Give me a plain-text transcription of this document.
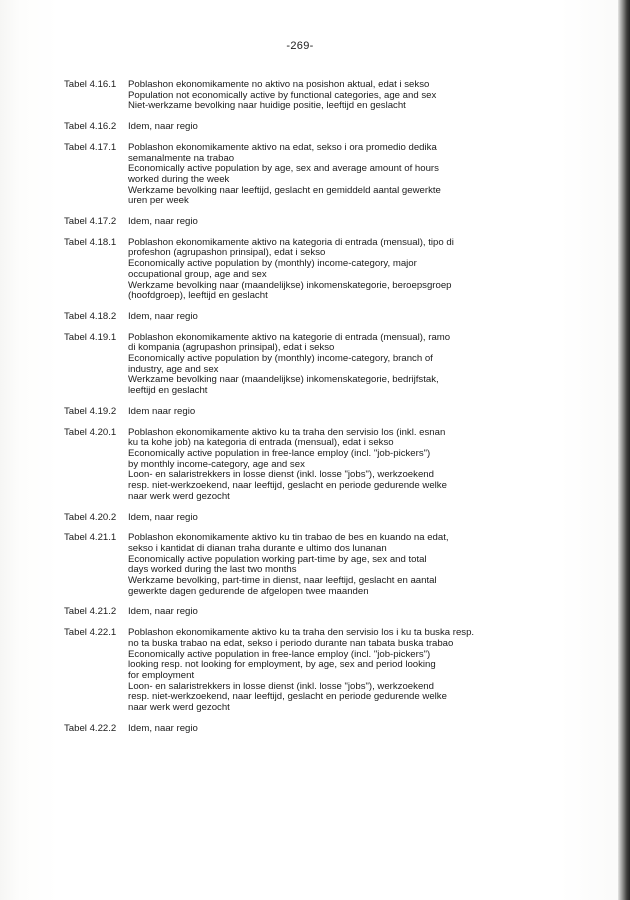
-269-
Tabel 4.16.1	Poblashon ekonomikamente no aktivo na posishon aktual, edat i sekso
Population not economically active by functional categories, age and sex
Niet-werkzame bevolking naar huidige positie, leeftijd en geslacht
Tabel 4.16.2	Idem, naar regio
Tabel 4.17.1	Poblashon ekonomikamente aktivo na edat, sekso i ora promedio dedika
semanalmente na trabao
Economically active population by age, sex and average amount of hours
worked during the week
Werkzame bevolking naar leeftijd, geslacht en gemiddeld aantal gewerkte
uren per week
Tabel 4.17.2	Idem, naar regio
Tabel 4.18.1	Poblashon ekonomikamente aktivo na kategoria di entrada (mensual), tipo di
profeshon (agrupashon prinsipal), edat i sekso
Economically active population by (monthly) income-category, major
occupational group, age and sex
Werkzame bevolking naar (maandelijkse) inkomenskategorie, beroepsgroep
(hoofdgroep), leeftijd en geslacht
Tabel 4.18.2	Idem, naar regio
Tabel 4.19.1	Poblashon ekonomikamente aktivo na kategorie di entrada (mensual), ramo
di kompania (agrupashon prinsipal), edat i sekso
Economically active population by (monthly) income-category, branch of
industry, age and sex
Werkzame bevolking naar (maandelijkse) inkomenskategorie, bedrijfstak,
leeftijd en geslacht
Tabel 4.19.2	Idem naar regio
Tabel 4.20.1	Poblashon ekonomikamente aktivo ku ta traha den servisio los (inkl. esnan
ku ta kohe job) na kategoria di entrada (mensual), edat i sekso
Economically active population in free-lance employ (incl. "job-pickers")
by monthly income-category, age and sex
Loon- en salaristrekkers in losse dienst (inkl. losse "jobs"), werkzoekend
resp. niet-werkzoekend, naar leeftijd, geslacht en periode gedurende welke
naar werk werd gezocht
Tabel 4.20.2	Idem, naar regio
Tabel 4.21.1	Poblashon ekonomikamente aktivo ku tin trabao de bes en kuando na edat,
sekso i kantidat di dianan traha durante e ultimo dos lunanan
Economically active population working part-time by age, sex and total
days worked during the last two months
Werkzame bevolking, part-time in dienst, naar leeftijd, geslacht en aantal
gewerkte dagen gedurende de afgelopen twee maanden
Tabel 4.21.2	Idem, naar regio
Tabel 4.22.1	Poblashon ekonomikamente aktivo ku ta traha den servisio los i ku ta buska resp.
no ta buska trabao na edat, sekso i periodo durante nan tabata buska trabao
Economically active population in free-lance employ (incl. "job-pickers")
looking resp. not looking for employment, by age, sex and period looking
for employment
Loon- en salaristrekkers in losse dienst (inkl. losse "jobs"), werkzoekend
resp. niet-werkzoekend, naar leeftijd, geslacht en periode gedurende welke
naar werk werd gezocht
Tabel 4.22.2	Idem, naar regio
